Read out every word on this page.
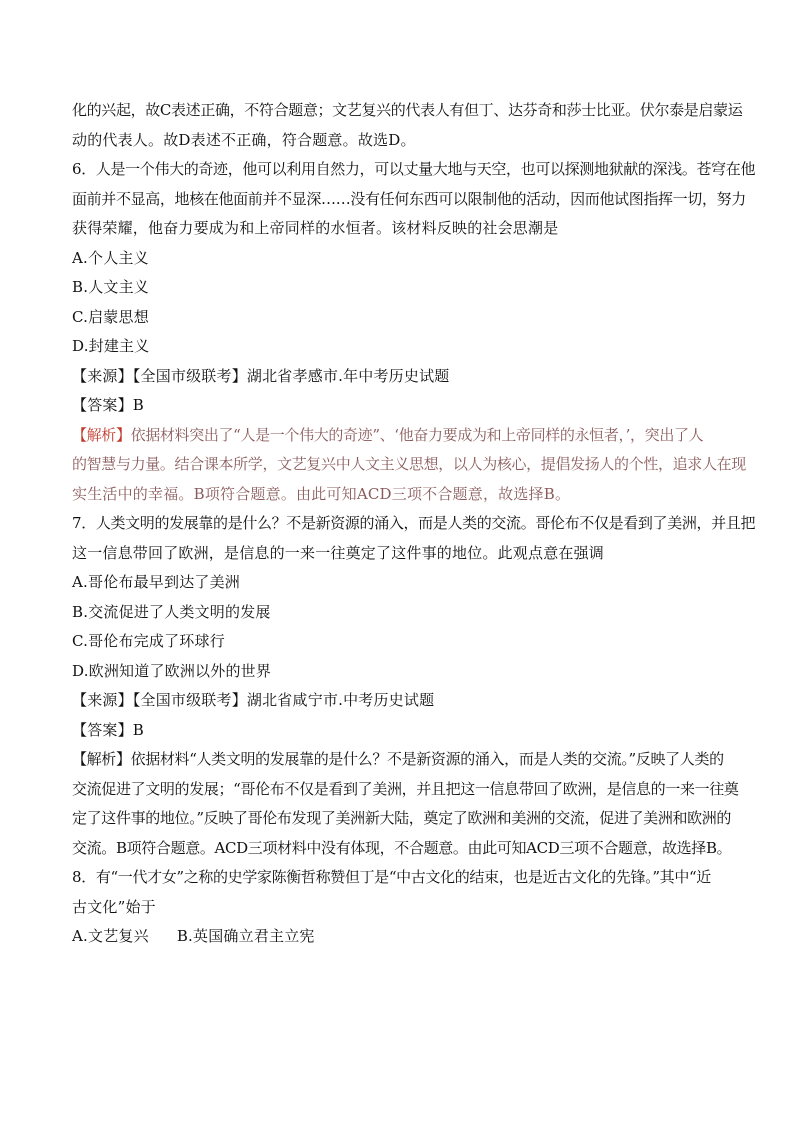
化的兴起，故C表述正确，不符合题意；文艺复兴的代表人有但丁、达芬奇和莎士比亚。伏尔泰是启蒙运
动的代表人。故D表述不正确，符合题意。故选D。
6．人是一个伟大的奇迹，他可以利用自然力，可以丈量大地与天空，也可以探测地狱献的深浅。苍穹在他
面前并不显高，地核在他面前并不显深……没有任何东西可以限制他的活动，因而他试图指挥一切，努力
获得荣耀，他奋力要成为和上帝同样的水恒者。该材料反映的社会思潮是
A.个人主义
B.人文主义
C.启蒙思想
D.封建主义
【来源】【全国市级联考】湖北省孝感市.年中考历史试题
【答案】B
【解析】依据材料突出了“人是一个伟大的奇迹”、‘他奋力要成为和上帝同样的永恒者，’，突出了人
的智慧与力量。结合课本所学，文艺复兴中人文主义思想，以人为核心，提倡发扬人的个性，追求人在现
实生活中的幸福。B项符合题意。由此可知ACD三项不合题意，故选择B。
7．人类文明的发展靠的是什么？不是新资源的涌入，而是人类的交流。哥伦布不仅是看到了美洲，并且把
这一信息带回了欧洲，是信息的一来一往奠定了这件事的地位。此观点意在强调
A.哥伦布最早到达了美洲
B.交流促进了人类文明的发展
C.哥伦布完成了环球行
D.欧洲知道了欧洲以外的世界
【来源】【全国市级联考】湖北省咸宁市.中考历史试题
【答案】B
【解析】依据材料“人类文明的发展靠的是什么？不是新资源的涌入，而是人类的交流。”反映了人类的
交流促进了文明的发展；“哥伦布不仅是看到了美洲，并且把这一信息带回了欧洲，是信息的一来一往奠
定了这件事的地位。”反映了哥伦布发现了美洲新大陆，奠定了欧洲和美洲的交流，促进了美洲和欧洲的
交流。B项符合题意。ACD三项材料中没有体现，不合题意。由此可知ACD三项不合题意，故选择B。
8．有“一代才女”之称的史学家陈衡哲称赞但丁是“中古文化的结束，也是近古文化的先锋。”其中“近
古文化”始于
A.文艺复兴 B.英国确立君主立宪
